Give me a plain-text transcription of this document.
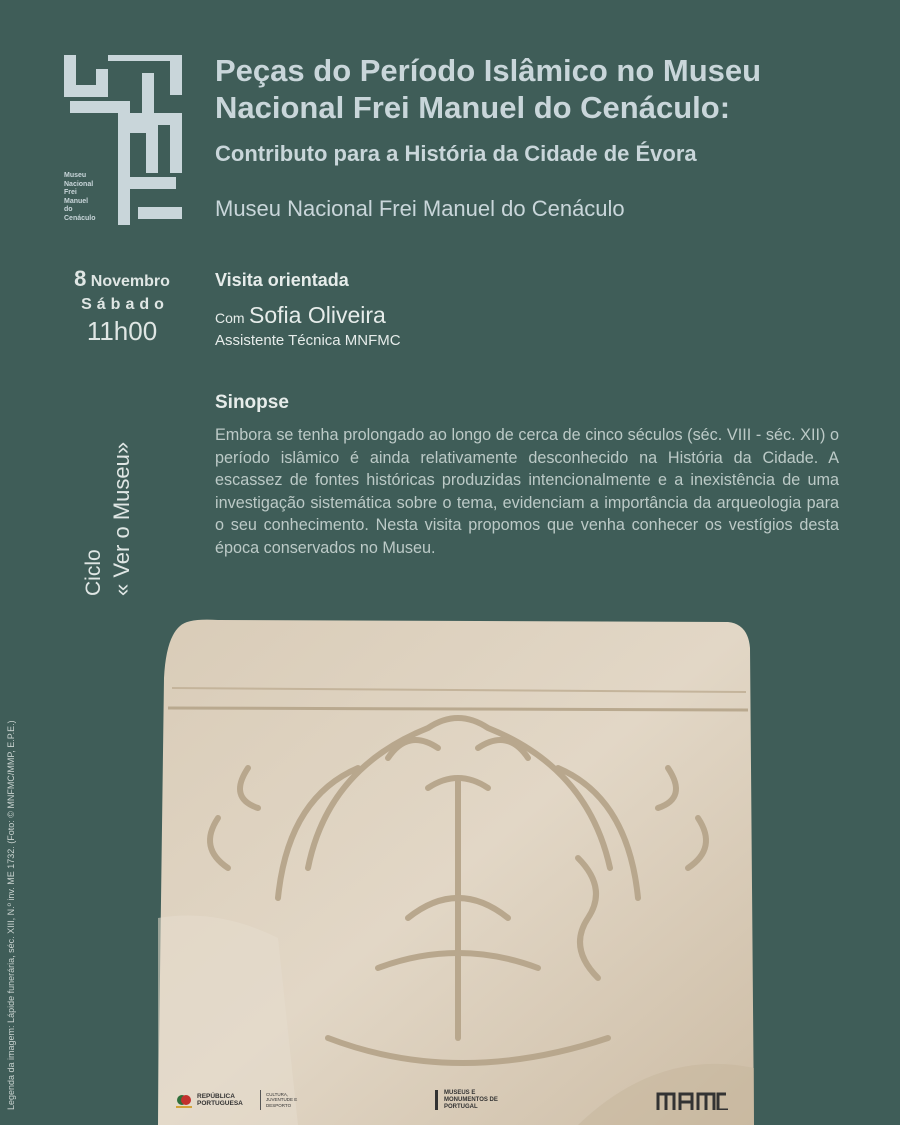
Museu
Nacional
Frei
Manuel
do
Cenáculo
Peças do Período Islâmico no Museu
Nacional Frei Manuel do Cenáculo:
Contributo para a História da Cidade de Évora
Museu Nacional Frei Manuel do Cenáculo
8 Novembro
Sábado
11h00
Ciclo « Ver o Museu»
Visita orientada
Com Sofia Oliveira
Assistente Técnica MNFMC
Sinopse
Embora se tenha prolongado ao longo de cerca de cinco séculos (séc. VIII - séc. XII) o período islâmico é ainda relativamente desconhecido na História da Cidade. A escassez de fontes históricas produzidas intencionalmente e a inexistência de uma investigação sistemática sobre o tema, evidenciam a importância da arqueologia para o seu conhecimento. Nesta visita propomos que venha conhecer os vestígios desta época conservados no Museu.
Legenda da imagem: Lápide funerária, séc. XIII, N.º inv. ME 1732. (Foto: © MNFMC/MMP, E.P.E.)	REPÚBLICA PORTUGUESA
CULTURA, JUVENTUDE E DESPORTO
MUSEUS E MONUMENTOS DE PORTUGAL
